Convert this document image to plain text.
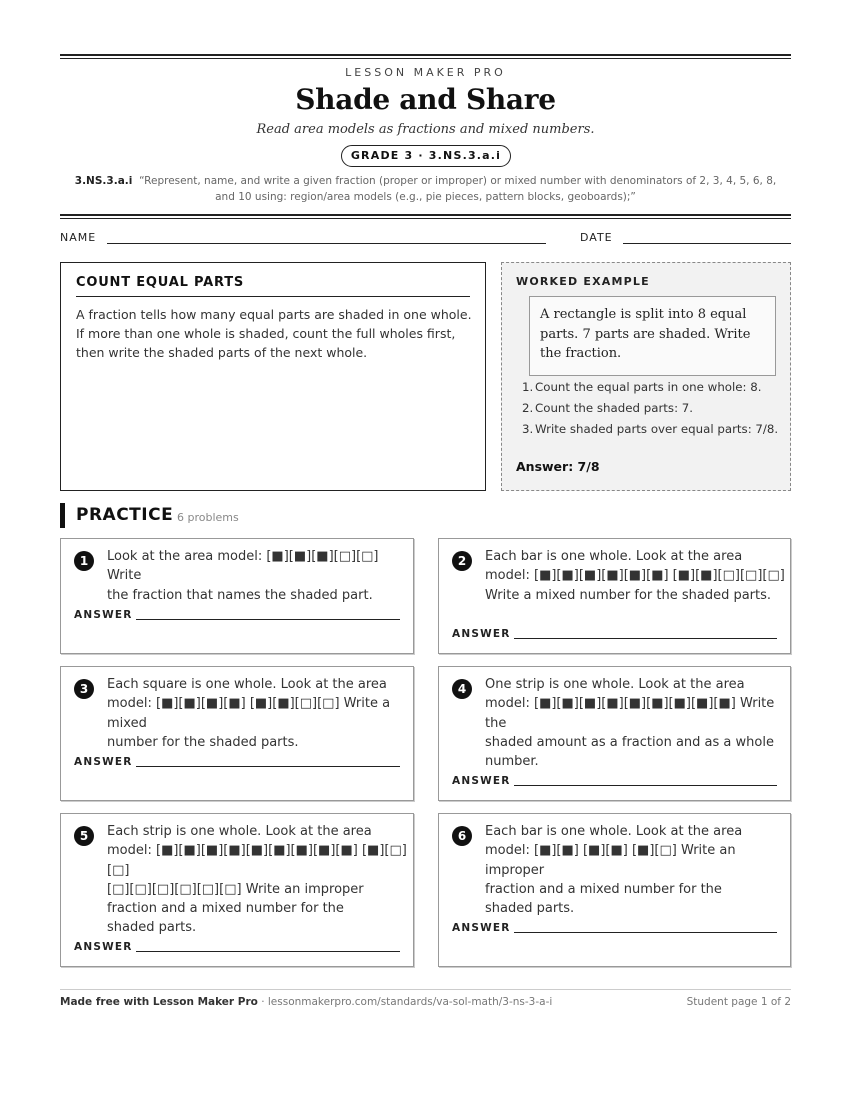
LESSON MAKER PRO
Shade and Share
Read area models as fractions and mixed numbers.
GRADE 3 · 3.NS.3.a.i
3.NS.3.a.i “Represent, name, and write a given fraction (proper or improper) or mixed number with denominators of 2, 3, 4, 5, 6, 8, and 10 using: region/area models (e.g., pie pieces, pattern blocks, geoboards);”
NAME	DATE
COUNT EQUAL PARTS
A fraction tells how many equal parts are shaded in one whole. If more than one whole is shaded, count the full wholes first, then write the shaded parts of the next whole.
WORKED EXAMPLE
A rectangle is split into 8 equal parts. 7 parts are shaded. Write the fraction.
1. Count the equal parts in one whole: 8.
2. Count the shaded parts: 7.
3. Write shaded parts over equal parts: 7/8.
Answer: 7/8
PRACTICE 6 problems
1	Look at the area model: [■][■][■][□][□] Write
the fraction that names the shaded part.
ANSWER
2	Each bar is one whole. Look at the area
model: [■][■][■][■][■][■] [■][■][□][□][□]
Write a mixed number for the shaded parts.
ANSWER
3	Each square is one whole. Look at the area
model: [■][■][■][■] [■][■][□][□] Write a mixed
number for the shaded parts.
ANSWER
4	One strip is one whole. Look at the area
model: [■][■][■][■][■][■][■][■][■] Write the
shaded amount as a fraction and as a whole
number.
ANSWER
5	Each strip is one whole. Look at the area
model: [■][■][■][■][■][■][■][■][■] [■][□][□]
[□][□][□][□][□][□] Write an improper
fraction and a mixed number for the
shaded parts.
ANSWER
6	Each bar is one whole. Look at the area
model: [■][■] [■][■] [■][□] Write an improper
fraction and a mixed number for the
shaded parts.
ANSWER
Made free with Lesson Maker Pro · lessonmakerpro.com/standards/va-sol-math/3-ns-3-a-i	Student page 1 of 2
